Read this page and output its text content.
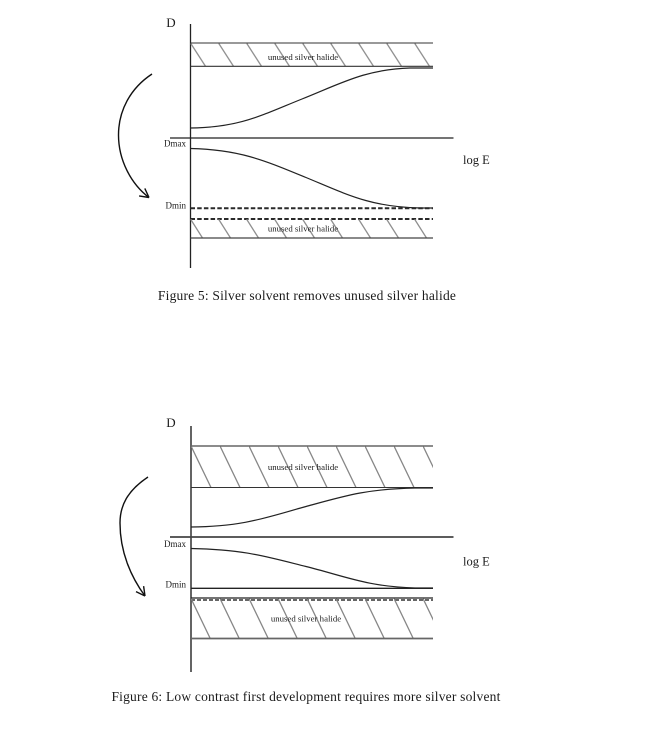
D
unused silver halide
Dmax
Dmin
unused silver halide
log E
Figure 5: Silver solvent removes unused silver halide
D
unused silver halide
Dmax
Dmin
unused silver halide
log E
Figure 6: Low contrast first development requires more silver solvent
